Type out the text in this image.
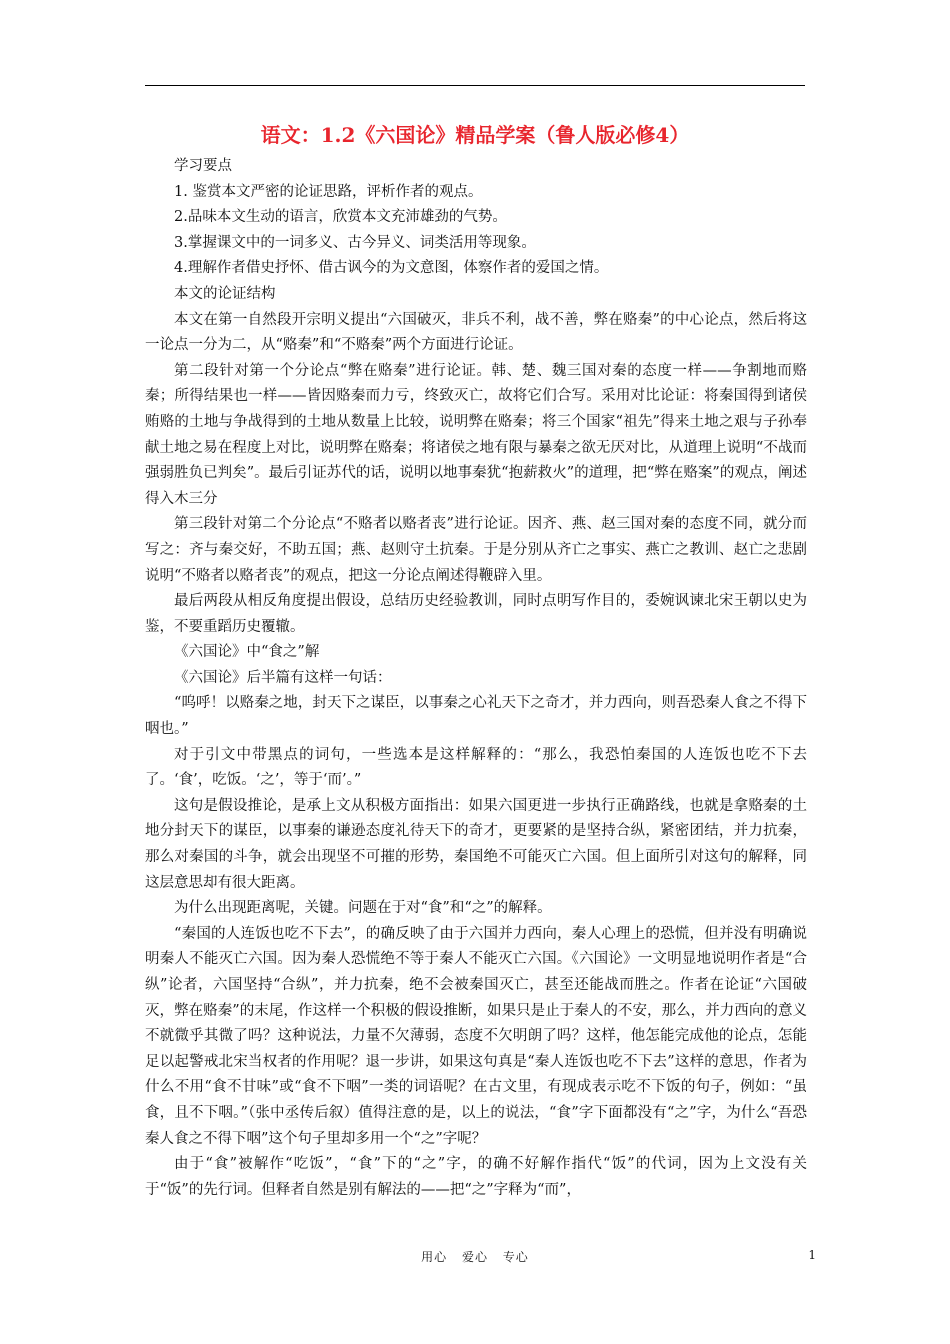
语文：1.2《六国论》精品学案（鲁人版必修4）

学习要点

1. 鉴赏本文严密的论证思路，评析作者的观点。

2.品味本文生动的语言，欣赏本文充沛雄劲的气势。

3.掌握课文中的一词多义、古今异义、词类活用等现象。

4.理解作者借史抒怀、借古讽今的为文意图，体察作者的爱国之情。

本文的论证结构

本文在第一自然段开宗明义提出“六国破灭，非兵不利，战不善，弊在赂秦”的中心论点，然后将这一论点一分为二，从“赂秦”和“不赂秦”两个方面进行论证。

第二段针对第一个分论点“弊在赂秦”进行论证。韩、楚、魏三国对秦的态度一样——争割地而赂秦；所得结果也一样——皆因赂秦而力亏，终致灭亡，故将它们合写。采用对比论证：将秦国得到诸侯贿赂的土地与争战得到的土地从数量上比较，说明弊在赂秦；将三个国家“祖先”得来土地之艰与子孙奉献土地之易在程度上对比，说明弊在赂秦；将诸侯之地有限与暴秦之欲无厌对比，从道理上说明“不战而强弱胜负已判矣”。最后引证苏代的话，说明以地事秦犹“抱薪救火”的道理，把“弊在赂案”的观点，阐述得入木三分

第三段针对第二个分论点“不赂者以赂者丧”进行论证。因齐、燕、赵三国对秦的态度不同，就分而写之：齐与秦交好，不助五国；燕、赵则守土抗秦。于是分别从齐亡之事实、燕亡之教训、赵亡之悲剧说明“不赂者以赂者丧”的观点，把这一分论点阐述得鞭辟入里。

最后两段从相反角度提出假设，总结历史经验教训，同时点明写作目的，委婉讽谏北宋王朝以史为鉴，不要重蹈历史覆辙。

《六国论》中“食之”解

《六国论》后半篇有这样一句话：

“呜呼！以赂秦之地，封天下之谋臣，以事秦之心礼天下之奇才，并力西向，则吾恐秦人食之不得下咽也。”

对于引文中带黑点的词句，一些选本是这样解释的：“那么，我恐怕秦国的人连饭也吃不下去了。‘食’，吃饭。‘之’，等于‘而’。”

这句是假设推论，是承上文从积极方面指出：如果六国更进一步执行正确路线，也就是拿赂秦的土地分封天下的谋臣，以事秦的谦逊态度礼待天下的奇才，更要紧的是坚持合纵，紧密团结，并力抗秦，那么对秦国的斗争，就会出现坚不可摧的形势，秦国绝不可能灭亡六国。但上面所引对这句的解释，同这层意思却有很大距离。

为什么出现距离呢，关键。问题在于对“食”和“之”的解释。

“秦国的人连饭也吃不下去”，的确反映了由于六国并力西向，秦人心理上的恐慌，但并没有明确说明秦人不能灭亡六国。因为秦人恐慌绝不等于秦人不能灭亡六国。《六国论》一文明显地说明作者是“合纵”论者，六国坚持“合纵”，并力抗秦，绝不会被秦国灭亡，甚至还能战而胜之。作者在论证“六国破灭，弊在赂秦”的末尾，作这样一个积极的假设推断，如果只是止于秦人的不安，那么，并力西向的意义不就微乎其微了吗？这种说法，力量不欠薄弱，态度不欠明朗了吗？这样，他怎能完成他的论点，怎能足以起警戒北宋当权者的作用呢？退一步讲，如果这句真是“秦人连饭也吃不下去”这样的意思，作者为什么不用“食不甘味”或“食不下咽”一类的词语呢？在古文里，有现成表示吃不下饭的句子，例如：“虽食，且不下咽。”（张中丞传后叙）值得注意的是，以上的说法，“食”字下面都没有“之”字，为什么“吾恐秦人食之不得下咽”这个句子里却多用一个“之”字呢？

由于“食”被解作“吃饭”，“食”下的“之”字，的确不好解作指代“饭”的代词，因为上文没有关于“饭”的先行词。但释者自然是别有解法的——把“之”字释为“而”，

用心 爱心 专心	1
